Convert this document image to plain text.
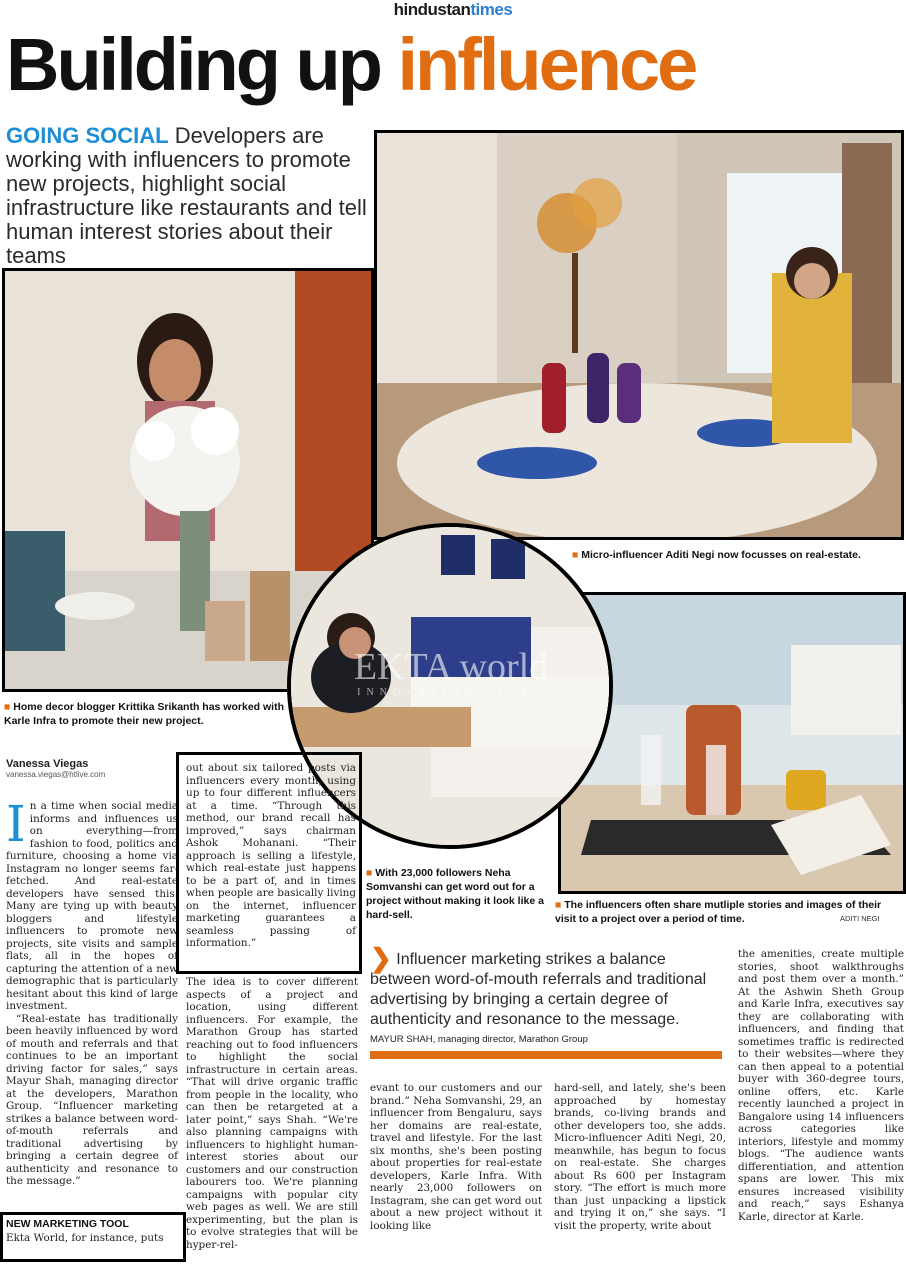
hindustantimes
Building up influence
GOING SOCIAL Developers are working with influencers to promote new projects, highlight social infrastructure like restaurants and tell human interest stories about their teams
EKTA world
INNOVATING LIVES
■ Micro-influencer Aditi Negi now focusses on real-estate.
■ Home decor blogger Krittika Srikanth has worked with Karle Infra to promote their new project.
■ With 23,000 followers Neha Somvanshi can get word out for a project without making it look like a hard-sell.
■ The influencers often share mutliple stories and images of their visit to a project over a period of time.	ADITI NEGI
Vanessa Viegas
vanessa.viegas@htlive.com

In a time when social media informs and influences us on everything—from fashion to food, politics and furniture, choosing a home via Instagram no longer seems far-fetched. And real-estate developers have sensed this. Many are tying up with beauty bloggers and lifestyle influencers to promote new projects, site visits and sample flats, all in the hopes of capturing the attention of a new demographic that is particularly hesitant about this kind of large investment.

“Real-estate has traditionally been heavily influenced by word of mouth and referrals and that continues to be an important driving factor for sales,” says Mayur Shah, managing director at the developers, Marathon Group. “Influencer marketing strikes a balance between word-of-mouth referrals and traditional advertising by bringing a certain degree of authenticity and resonance to the message.”

NEW MARKETING TOOL
Ekta World, for instance, puts
out about six tailored posts via influencers every month, using up to four different influencers at a time. “Through this method, our brand recall has improved,” says chairman Ashok Mohanani. “Their approach is selling a lifestyle, which real-estate just happens to be a part of, and in times when people are basically living on the internet, influencer marketing guarantees a seamless passing of information.”
The idea is to cover different aspects of a project and location, using different influencers. For example, the Marathon Group has started reaching out to food influencers to highlight the social infrastructure in certain areas. “That will drive organic traffic from people in the locality, who can then be retargeted at a later point,” says Shah. “We're also planning campaigns with influencers to highlight human-interest stories about our customers and our construction labourers too. We're planning campaigns with popular city web pages as well. We are still experimenting, but the plan is to evolve strategies that will be hyper-rel-
❯ Influencer marketing strikes a balance between word-of-mouth referrals and traditional advertising by bringing a certain degree of authenticity and resonance to the message.
MAYUR SHAH, managing director, Marathon Group
evant to our customers and our brand.” Neha Somvanshi, 29, an influencer from Bengaluru, says her domains are real-estate, travel and lifestyle. For the last six months, she's been posting about properties for real-estate developers, Karle Infra. With nearly 23,000 followers on Instagram, she can get word out about a new project without it looking like
hard-sell, and lately, she's been approached by homestay brands, co-living brands and other developers too, she adds. Micro-influencer Aditi Negi, 20, meanwhile, has begun to focus on real-estate. She charges about Rs 600 per Instagram story. “The effort is much more than just unpacking a lipstick and trying it on,” she says. “I visit the property, write about
the amenities, create multiple stories, shoot walkthroughs and post them over a month.” At the Ashwin Sheth Group and Karle Infra, executives say they are collaborating with influencers, and finding that sometimes traffic is redirected to their websites—where they can then appeal to a potential buyer with 360-degree tours, online offers, etc. Karle recently launched a project in Bangalore using 14 influencers across categories like interiors, lifestyle and mommy blogs. “The audience wants differentiation, and attention spans are lower. This mix ensures increased visibility and reach,” says Eshanya Karle, director at Karle.
